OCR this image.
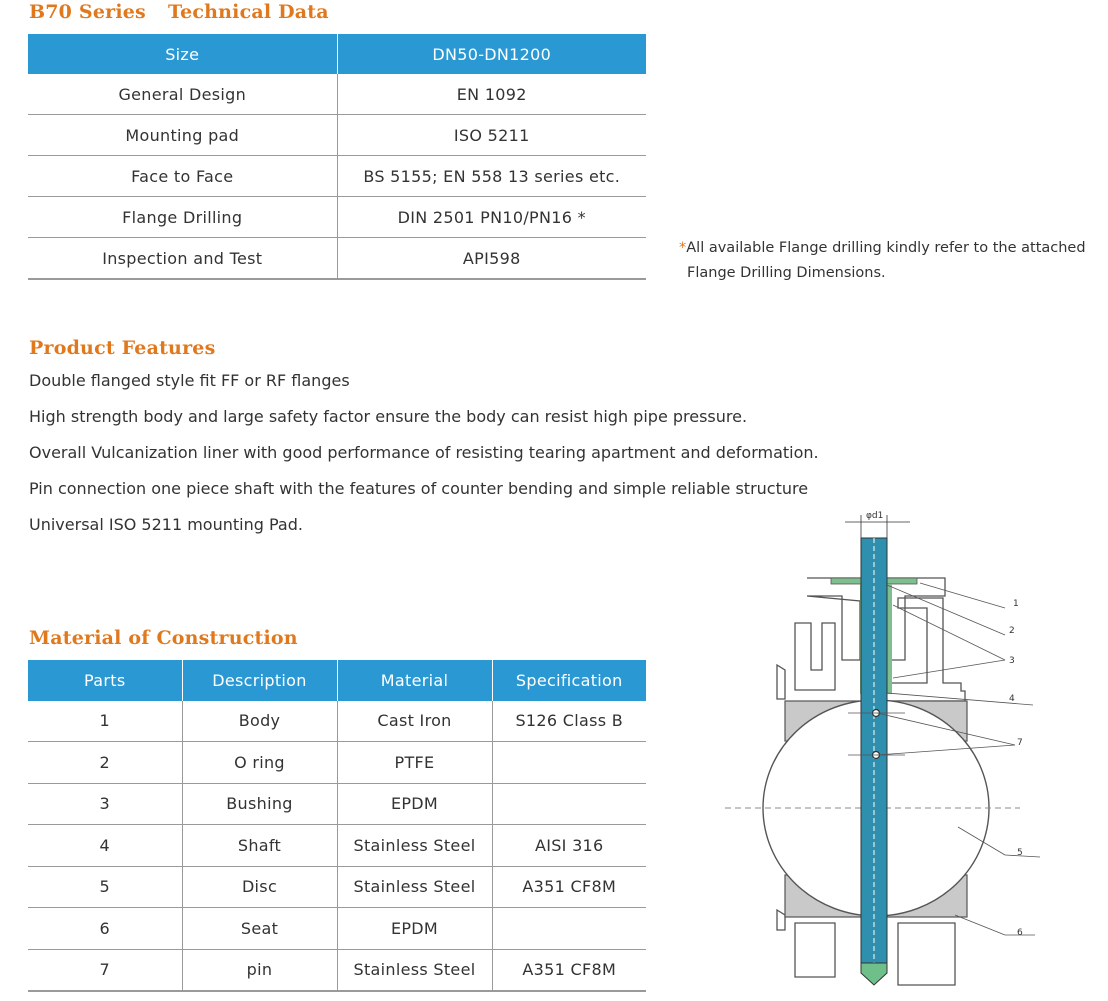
B70 Series Technical Data
Size	DN50-DN1200
General Design	EN 1092
Mounting pad	ISO 5211
Face to Face	BS 5155; EN 558 13 series etc.
Flange Drilling	DIN 2501 PN10/PN16 *
Inspection and Test	API598
*All available Flange drilling kindly refer to the attached
Flange Drilling Dimensions.
Product Features
Double flanged style fit FF or RF flanges
High strength body and large safety factor ensure the body can resist high pipe pressure.
Overall Vulcanization liner with good performance of resisting tearing apartment and deformation.
Pin connection one piece shaft with the features of counter bending and simple reliable structure
Universal ISO 5211 mounting Pad.
Material of Construction
Parts	Description	Material	Specification
1	Body	Cast Iron	S126 Class B
2	O ring	PTFE	
3	Bushing	EPDM	
4	Shaft	Stainless Steel	AISI 316
5	Disc	Stainless Steel	A351 CF8M
6	Seat	EPDM	
7	pin	Stainless Steel	A351 CF8M
φd1
1
2
3
4
7
5
6
